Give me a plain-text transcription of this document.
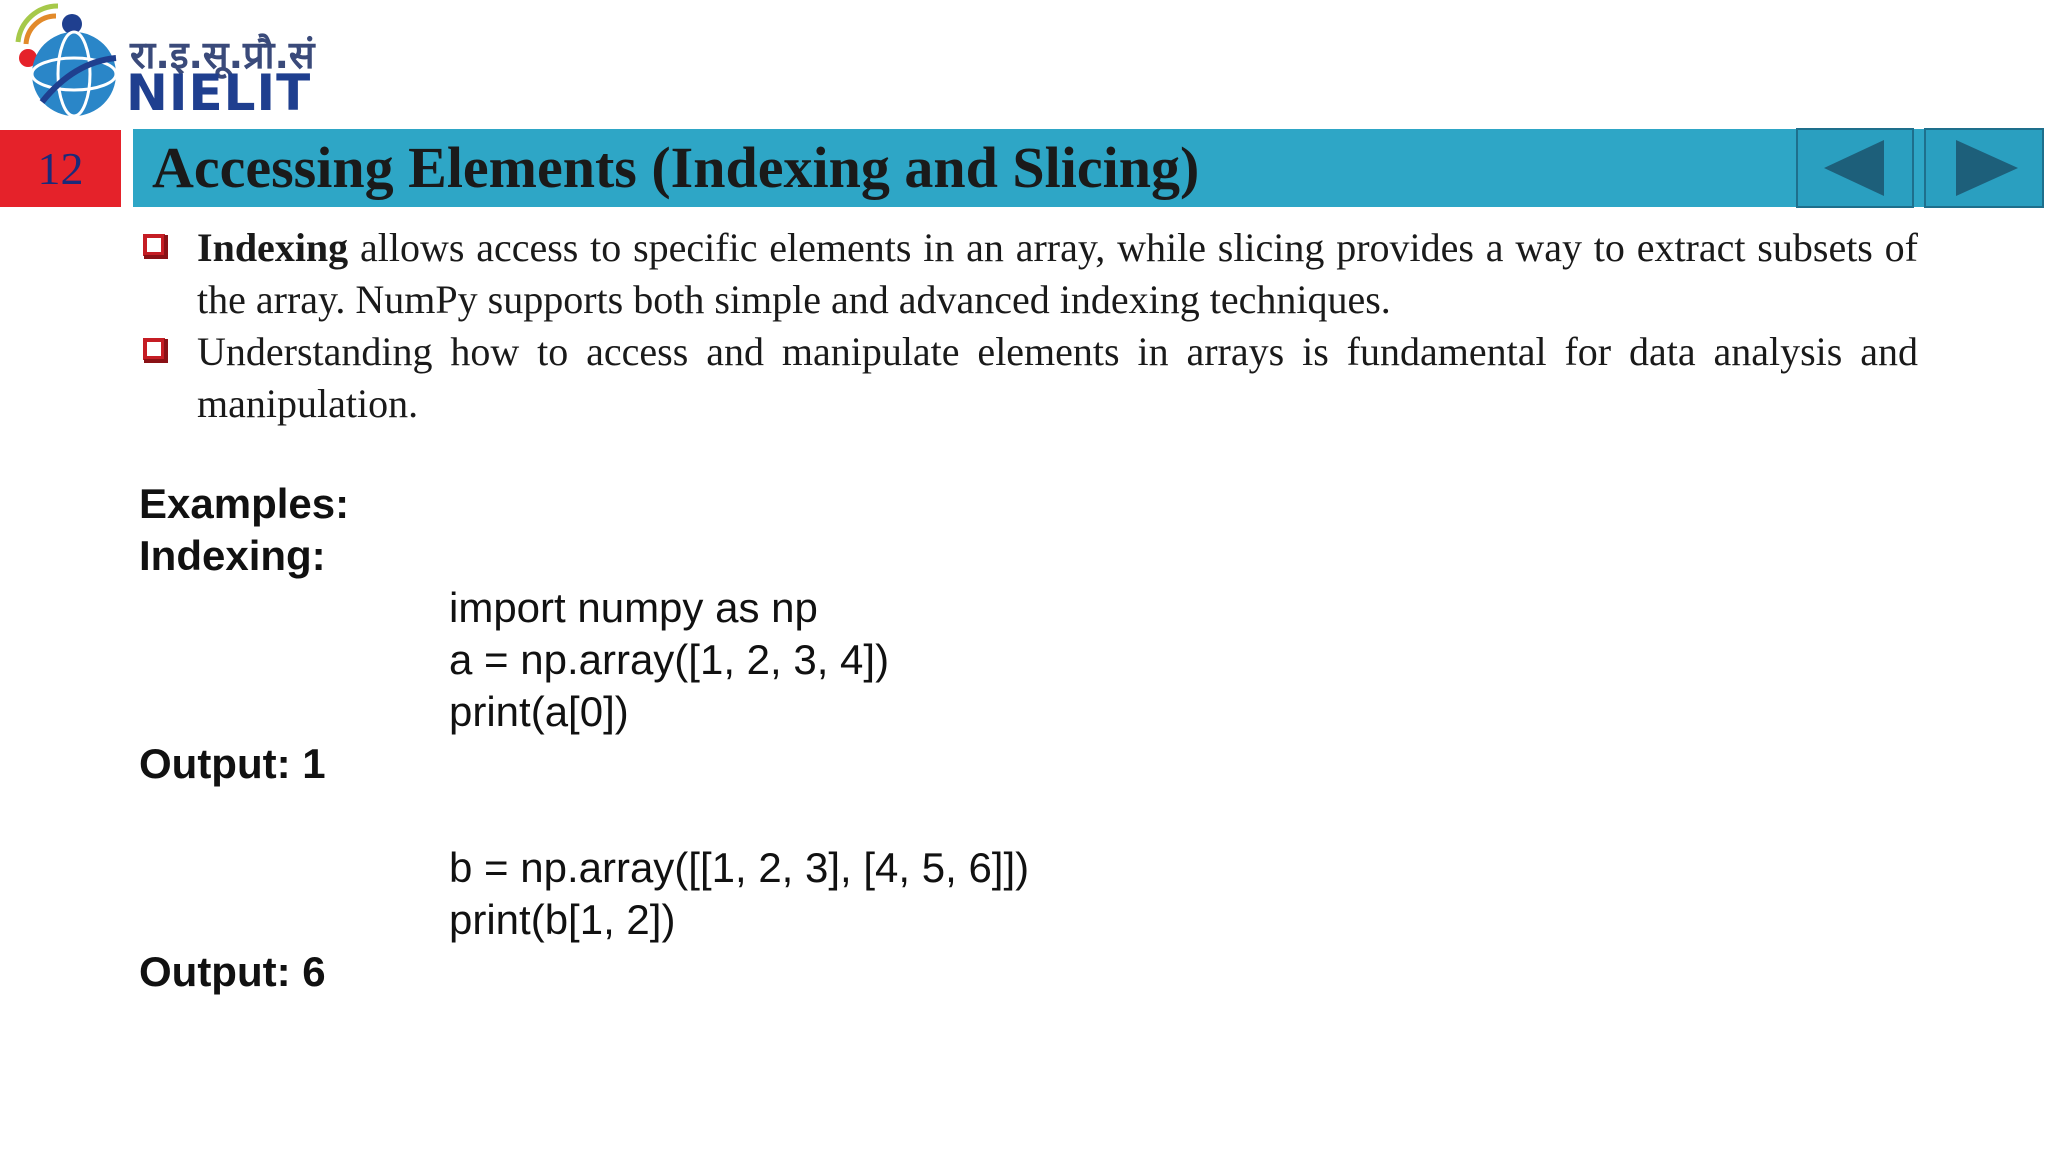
रा.इ.सू.प्रौ.सं
NIELIT
12	Accessing Elements (Indexing and Slicing)
Indexing allows access to specific elements in an array, while slicing provides a way to extract subsets of the array. NumPy supports both simple and advanced indexing techniques.
Understanding how to access and manipulate elements in arrays is fundamental for data analysis and manipulation.
Examples:
Indexing:
import numpy as np
a = np.array([1, 2, 3, 4])
print(a[0])
Output: 1
b = np.array([[1, 2, 3], [4, 5, 6]])
print(b[1, 2])
Output: 6
